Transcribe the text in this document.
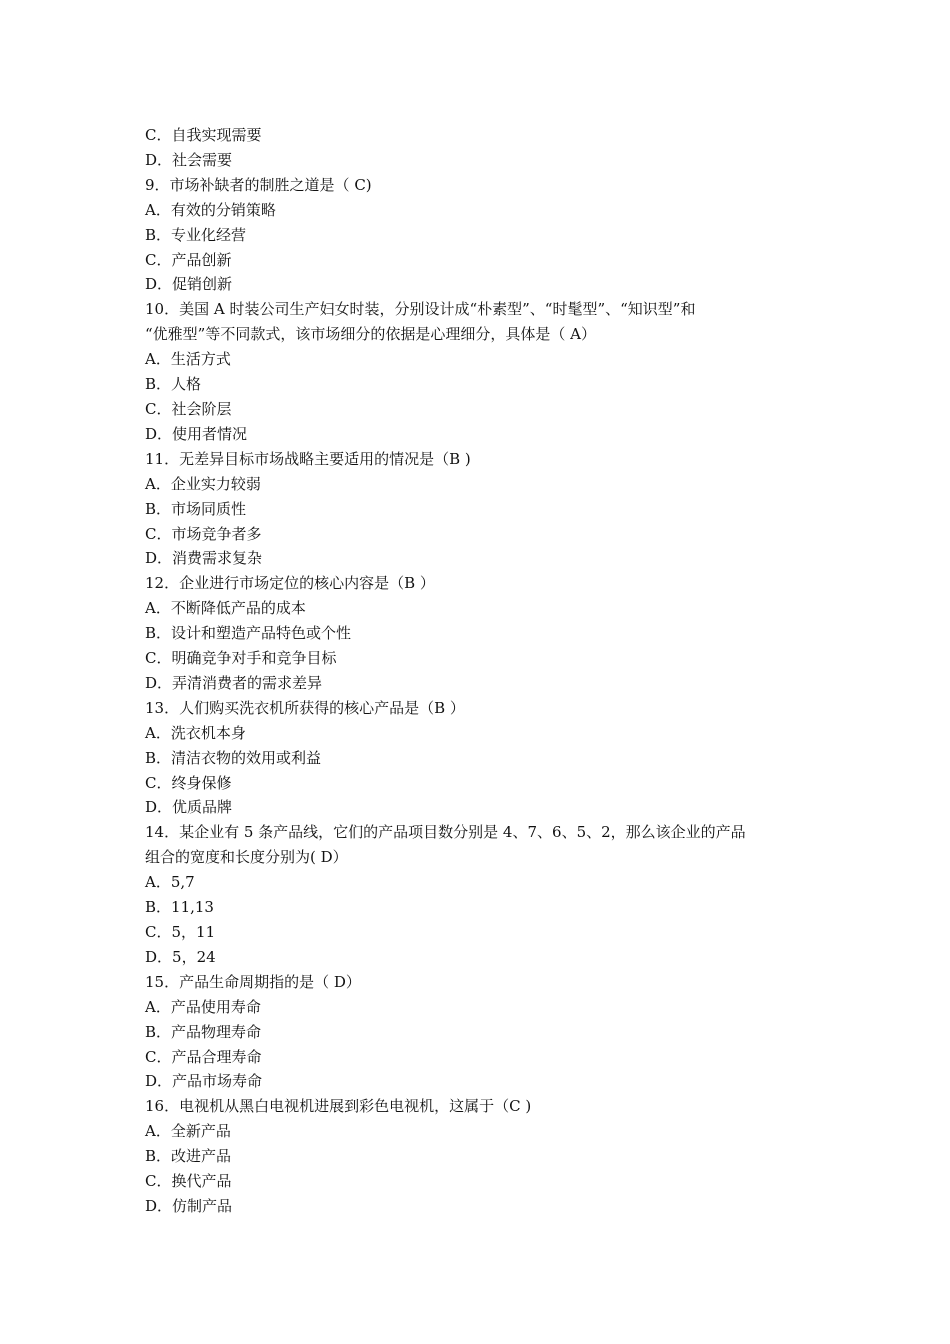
C．自我实现需要
D．社会需要
9．市场补缺者的制胜之道是（ C)
A．有效的分销策略
B．专业化经营
C．产品创新
D．促销创新
10．美国 A 时装公司生产妇女时装，分别设计成“朴素型”、“时髦型”、“知识型”和
“优雅型”等不同款式，该市场细分的依据是心理细分，具体是（ A）
A．生活方式
B．人格
C．社会阶层
D．使用者情况
11．无差异目标市场战略主要适用的情况是（B )
A．企业实力较弱
B．市场同质性
C．市场竞争者多
D．消费需求复杂
12．企业进行市场定位的核心内容是（B ）
A．不断降低产品的成本
B．设计和塑造产品特色或个性
C．明确竞争对手和竞争目标
D．弄清消费者的需求差异
13．人们购买洗衣机所获得的核心产品是（B ）
A．洗衣机本身
B．清洁衣物的效用或利益
C．终身保修
D．优质品牌
14．某企业有 5 条产品线，它们的产品项目数分别是 4、7、6、5、2，那么该企业的产品
组合的宽度和长度分别为( D）
A．5,7
B．11,13
C．5，11
D．5，24
15．产品生命周期指的是（ D）
A．产品使用寿命
B．产品物理寿命
C．产品合理寿命
D．产品市场寿命
16．电视机从黑白电视机进展到彩色电视机，这属于（C )
A．全新产品
B．改进产品
C．换代产品
D．仿制产品
